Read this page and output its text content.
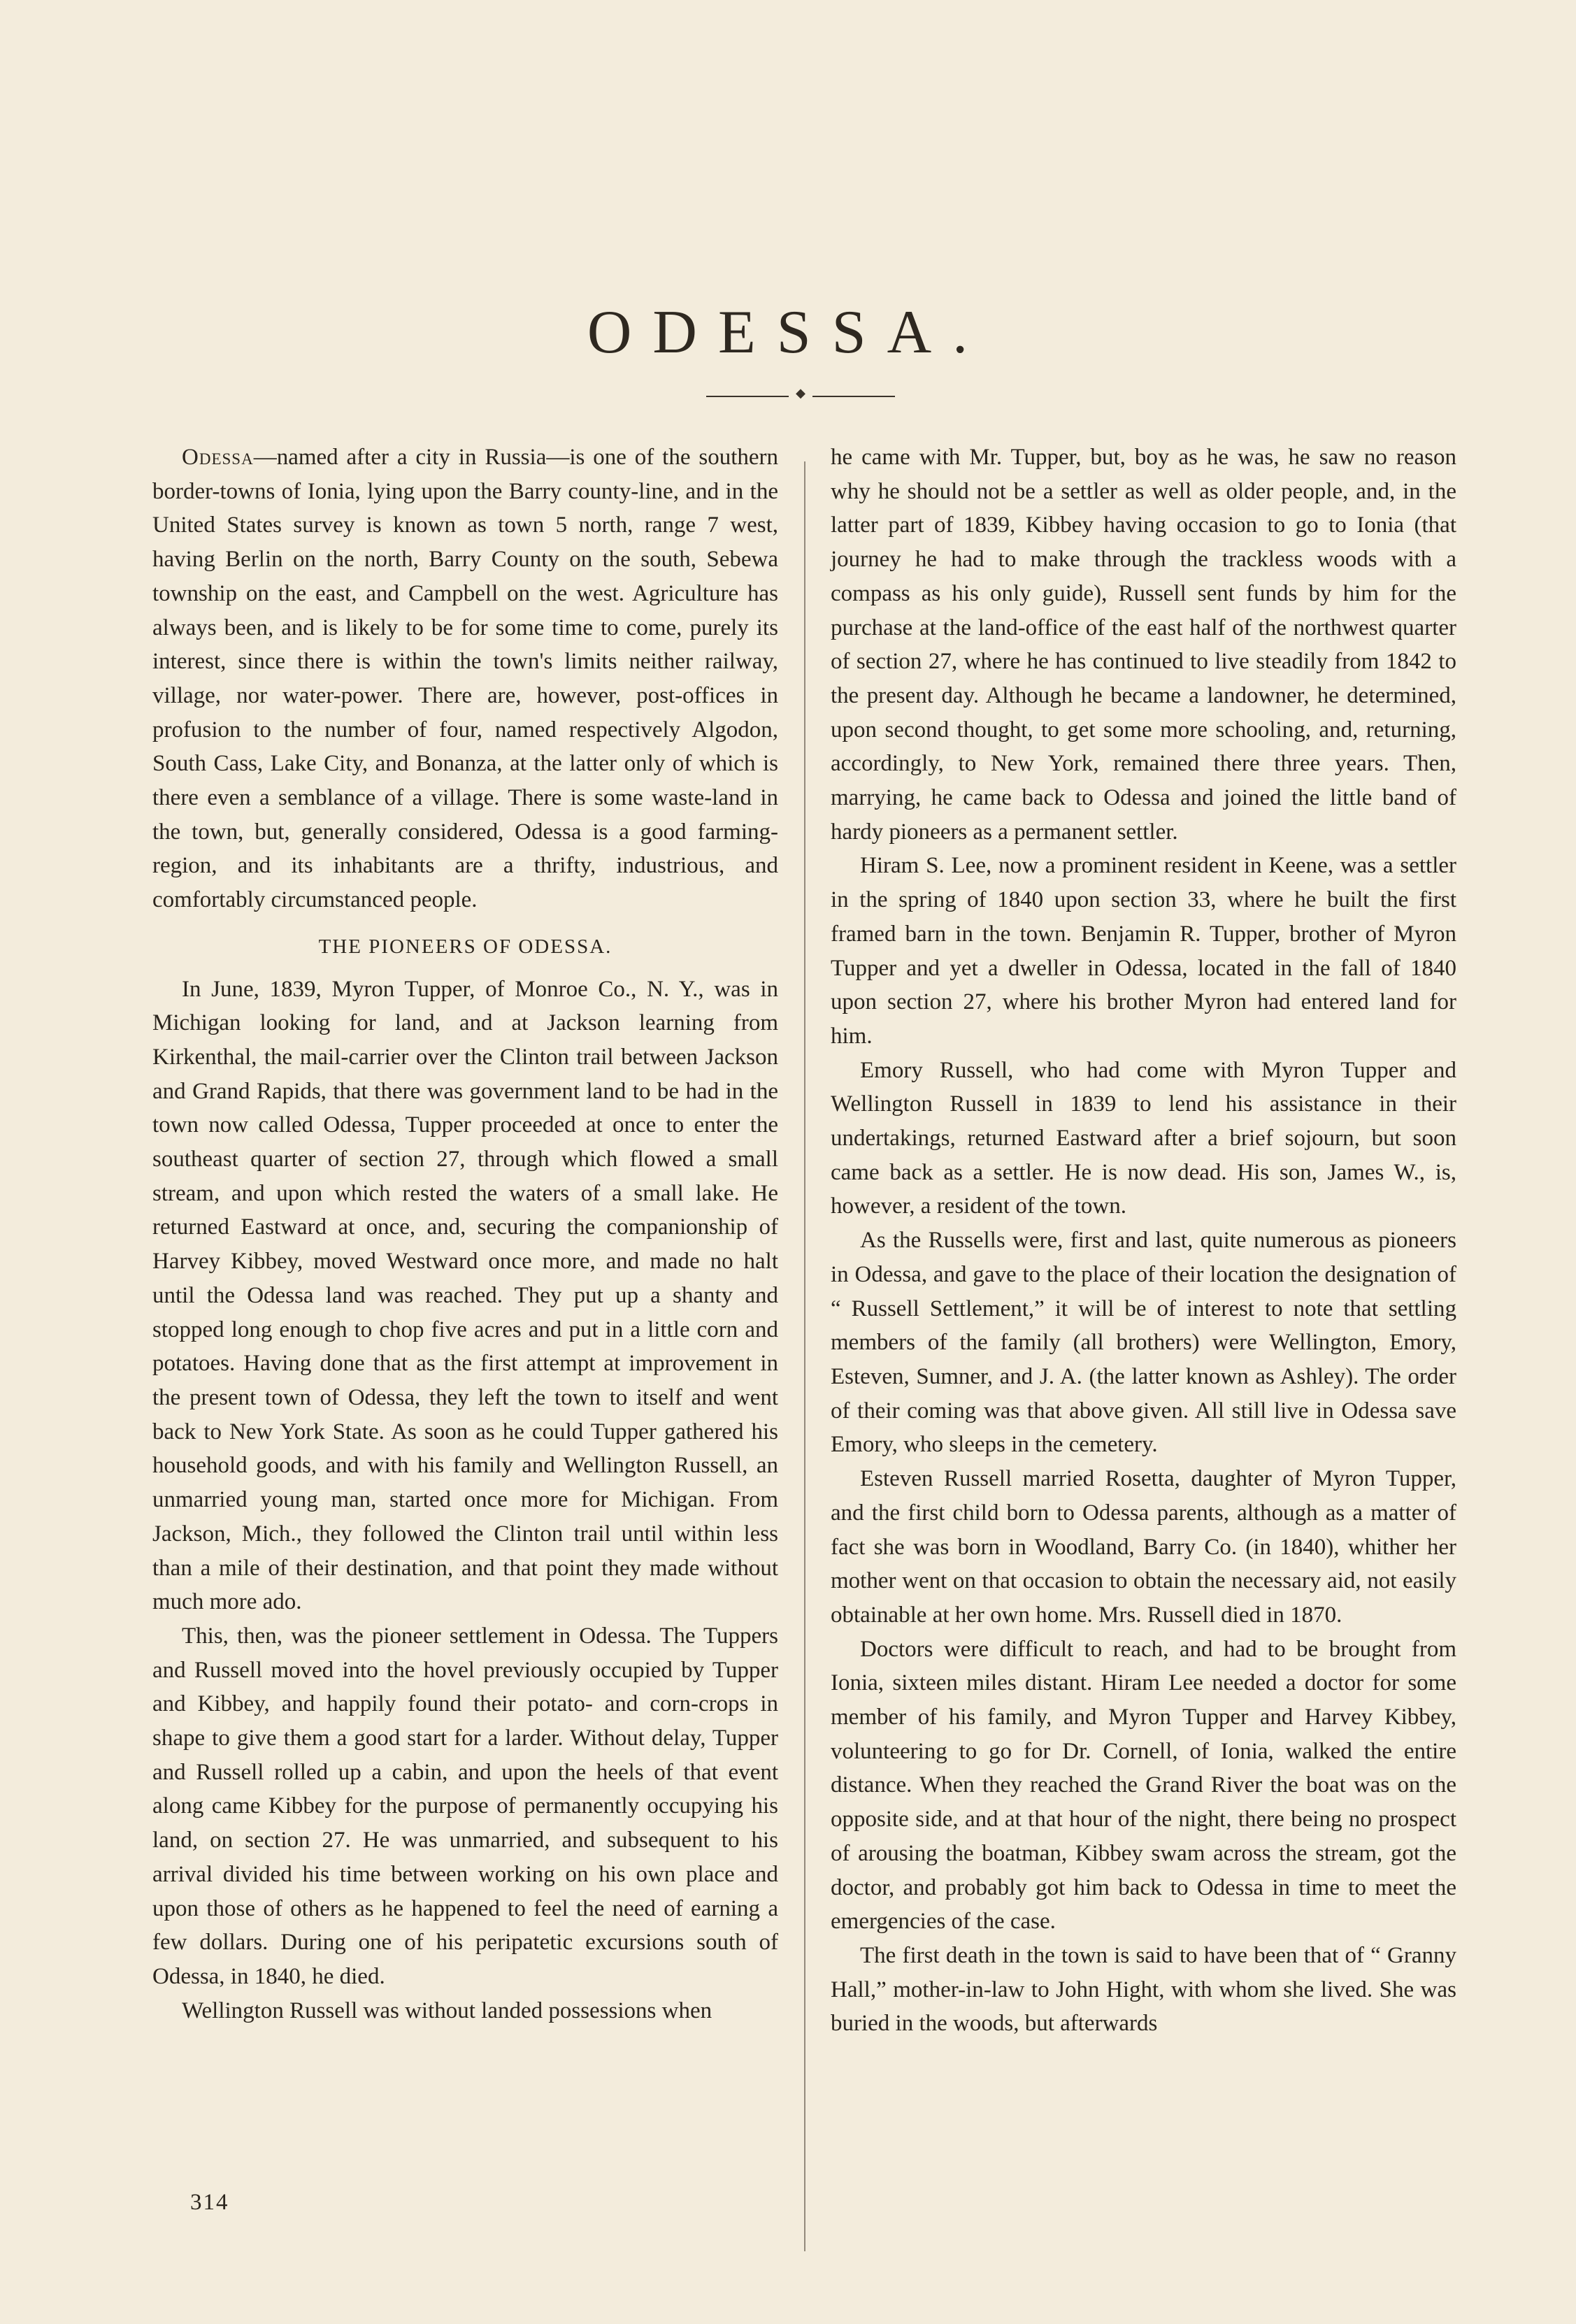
ODESSA.
◆

Odessa—named after a city in Russia—is one of the southern border-towns of Ionia, lying upon the Barry county-line, and in the United States survey is known as town 5 north, range 7 west, having Berlin on the north, Barry County on the south, Sebewa township on the east, and Campbell on the west. Agriculture has always been, and is likely to be for some time to come, purely its interest, since there is within the town's limits neither railway, village, nor water-power. There are, however, post-offices in profusion to the number of four, named respectively Algodon, South Cass, Lake City, and Bonanza, at the latter only of which is there even a semblance of a village. There is some waste-land in the town, but, generally considered, Odessa is a good farming-region, and its inhabitants are a thrifty, industrious, and comfortably circumstanced people.

THE PIONEERS OF ODESSA.

In June, 1839, Myron Tupper, of Monroe Co., N. Y., was in Michigan looking for land, and at Jackson learning from Kirkenthal, the mail-carrier over the Clinton trail between Jackson and Grand Rapids, that there was government land to be had in the town now called Odessa, Tupper proceeded at once to enter the southeast quarter of section 27, through which flowed a small stream, and upon which rested the waters of a small lake. He returned Eastward at once, and, securing the companionship of Harvey Kibbey, moved Westward once more, and made no halt until the Odessa land was reached. They put up a shanty and stopped long enough to chop five acres and put in a little corn and potatoes. Having done that as the first attempt at improvement in the present town of Odessa, they left the town to itself and went back to New York State. As soon as he could Tupper gathered his household goods, and with his family and Wellington Russell, an unmarried young man, started once more for Michigan. From Jackson, Mich., they followed the Clinton trail until within less than a mile of their destination, and that point they made without much more ado.

This, then, was the pioneer settlement in Odessa. The Tuppers and Russell moved into the hovel previously occupied by Tupper and Kibbey, and happily found their potato- and corn-crops in shape to give them a good start for a larder. Without delay, Tupper and Russell rolled up a cabin, and upon the heels of that event along came Kibbey for the purpose of permanently occupying his land, on section 27. He was unmarried, and subsequent to his arrival divided his time between working on his own place and upon those of others as he happened to feel the need of earning a few dollars. During one of his peripatetic excursions south of Odessa, in 1840, he died.

Wellington Russell was without landed possessions when

he came with Mr. Tupper, but, boy as he was, he saw no reason why he should not be a settler as well as older people, and, in the latter part of 1839, Kibbey having occasion to go to Ionia (that journey he had to make through the trackless woods with a compass as his only guide), Russell sent funds by him for the purchase at the land-office of the east half of the northwest quarter of section 27, where he has continued to live steadily from 1842 to the present day. Although he became a landowner, he determined, upon second thought, to get some more schooling, and, returning, accordingly, to New York, remained there three years. Then, marrying, he came back to Odessa and joined the little band of hardy pioneers as a permanent settler.

Hiram S. Lee, now a prominent resident in Keene, was a settler in the spring of 1840 upon section 33, where he built the first framed barn in the town. Benjamin R. Tupper, brother of Myron Tupper and yet a dweller in Odessa, located in the fall of 1840 upon section 27, where his brother Myron had entered land for him.

Emory Russell, who had come with Myron Tupper and Wellington Russell in 1839 to lend his assistance in their undertakings, returned Eastward after a brief sojourn, but soon came back as a settler. He is now dead. His son, James W., is, however, a resident of the town.

As the Russells were, first and last, quite numerous as pioneers in Odessa, and gave to the place of their location the designation of “ Russell Settlement,” it will be of interest to note that settling members of the family (all brothers) were Wellington, Emory, Esteven, Sumner, and J. A. (the latter known as Ashley). The order of their coming was that above given. All still live in Odessa save Emory, who sleeps in the cemetery.

Esteven Russell married Rosetta, daughter of Myron Tupper, and the first child born to Odessa parents, although as a matter of fact she was born in Woodland, Barry Co. (in 1840), whither her mother went on that occasion to obtain the necessary aid, not easily obtainable at her own home. Mrs. Russell died in 1870.

Doctors were difficult to reach, and had to be brought from Ionia, sixteen miles distant. Hiram Lee needed a doctor for some member of his family, and Myron Tupper and Harvey Kibbey, volunteering to go for Dr. Cornell, of Ionia, walked the entire distance. When they reached the Grand River the boat was on the opposite side, and at that hour of the night, there being no prospect of arousing the boatman, Kibbey swam across the stream, got the doctor, and probably got him back to Odessa in time to meet the emergencies of the case.

The first death in the town is said to have been that of “ Granny Hall,” mother-in-law to John Hight, with whom she lived. She was buried in the woods, but afterwards

314
